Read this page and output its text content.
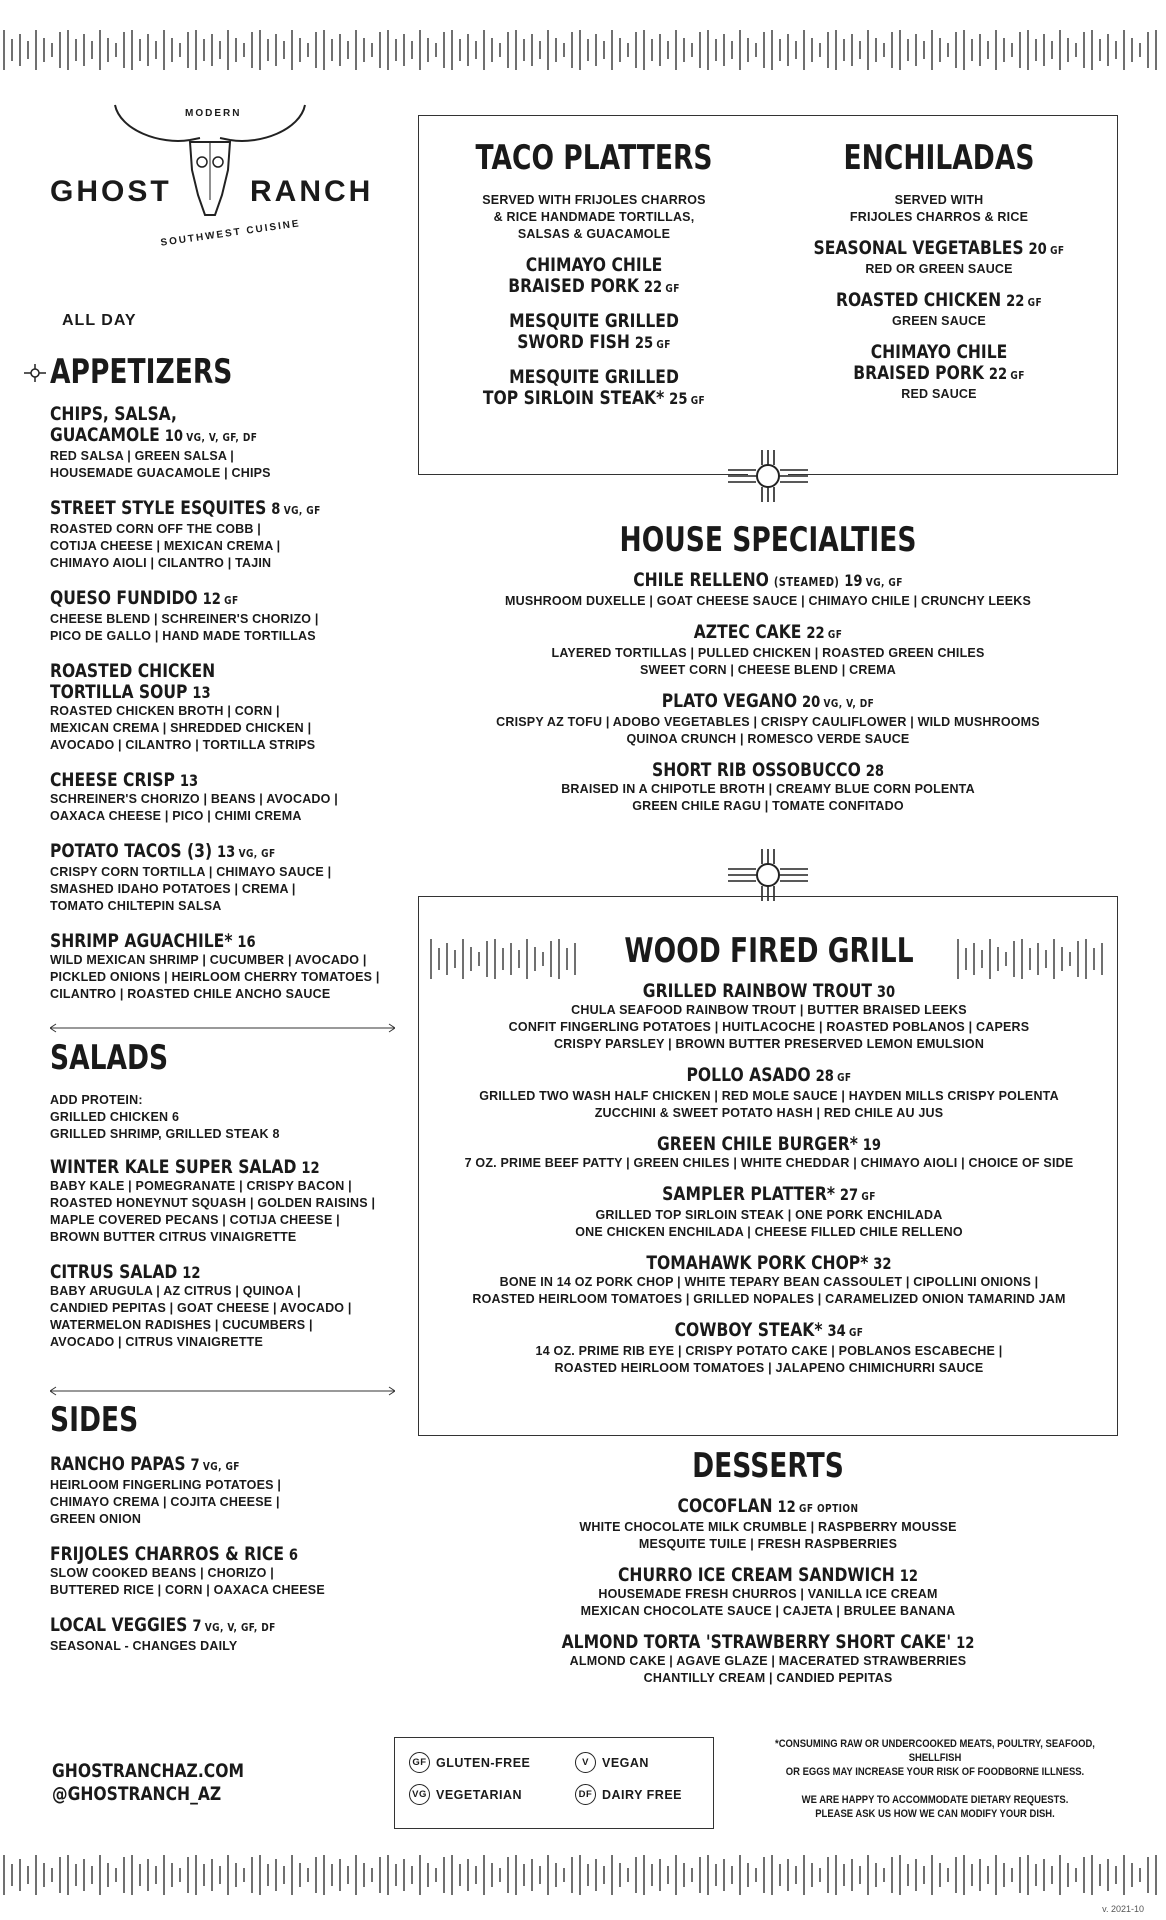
MODERN
GHOST	RANCH
SOUTHWEST CUISINE
ALL DAY
APPETIZERS
CHIPS, SALSA,
GUACAMOLE 10 VG, V, GF, DF
RED SALSA | GREEN SALSA |
HOUSEMADE GUACAMOLE | CHIPS
STREET STYLE ESQUITES 8 VG, GF
ROASTED CORN OFF THE COBB |
COTIJA CHEESE | MEXICAN CREMA |
CHIMAYO AIOLI | CILANTRO | TAJIN
QUESO FUNDIDO 12 GF
CHEESE BLEND | SCHREINER'S CHORIZO |
PICO DE GALLO | HAND MADE TORTILLAS
ROASTED CHICKEN
TORTILLA SOUP 13
ROASTED CHICKEN BROTH | CORN |
MEXICAN CREMA | SHREDDED CHICKEN |
AVOCADO | CILANTRO | TORTILLA STRIPS
CHEESE CRISP 13
SCHREINER'S CHORIZO | BEANS | AVOCADO |
OAXACA CHEESE | PICO | CHIMI CREMA
POTATO TACOS (3) 13 VG, GF
CRISPY CORN TORTILLA | CHIMAYO SAUCE |
SMASHED IDAHO POTATOES | CREMA |
TOMATO CHILTEPIN SALSA
SHRIMP AGUACHILE* 16
WILD MEXICAN SHRIMP | CUCUMBER | AVOCADO |
PICKLED ONIONS | HEIRLOOM CHERRY TOMATOES |
CILANTRO | ROASTED CHILE ANCHO SAUCE
SALADS
ADD PROTEIN:
GRILLED CHICKEN 6
GRILLED SHRIMP, GRILLED STEAK 8
WINTER KALE SUPER SALAD 12
BABY KALE | POMEGRANATE | CRISPY BACON |
ROASTED HONEYNUT SQUASH | GOLDEN RAISINS |
MAPLE COVERED PECANS | COTIJA CHEESE |
BROWN BUTTER CITRUS VINAIGRETTE
CITRUS SALAD 12
BABY ARUGULA | AZ CITRUS | QUINOA |
CANDIED PEPITAS | GOAT CHEESE | AVOCADO |
WATERMELON RADISHES | CUCUMBERS |
AVOCADO | CITRUS VINAIGRETTE
SIDES
RANCHO PAPAS 7 VG, GF
HEIRLOOM FINGERLING POTATOES |
CHIMAYO CREMA | COJITA CHEESE |
GREEN ONION
FRIJOLES CHARROS & RICE 6
SLOW COOKED BEANS | CHORIZO |
BUTTERED RICE | CORN | OAXACA CHEESE
LOCAL VEGGIES 7 VG, V, GF, DF
SEASONAL - CHANGES DAILY
TACO PLATTERS
SERVED WITH FRIJOLES CHARROS
& RICE HANDMADE TORTILLAS,
SALSAS & GUACAMOLE
CHIMAYO CHILE
BRAISED PORK 22 GF
MESQUITE GRILLED
SWORD FISH 25 GF
MESQUITE GRILLED
TOP SIRLOIN STEAK* 25 GF
ENCHILADAS
SERVED WITH
FRIJOLES CHARROS & RICE
SEASONAL VEGETABLES 20 GF
RED OR GREEN SAUCE
ROASTED CHICKEN 22 GF
GREEN SAUCE
CHIMAYO CHILE
BRAISED PORK 22 GF
RED SAUCE
HOUSE SPECIALTIES
CHILE RELLENO (STEAMED) 19 VG, GF
MUSHROOM DUXELLE | GOAT CHEESE SAUCE | CHIMAYO CHILE | CRUNCHY LEEKS
AZTEC CAKE 22 GF
LAYERED TORTILLAS | PULLED CHICKEN | ROASTED GREEN CHILES
SWEET CORN | CHEESE BLEND | CREMA
PLATO VEGANO 20 VG, V, DF
CRISPY AZ TOFU | ADOBO VEGETABLES | CRISPY CAULIFLOWER | WILD MUSHROOMS
QUINOA CRUNCH | ROMESCO VERDE SAUCE
SHORT RIB OSSOBUCCO 28
BRAISED IN A CHIPOTLE BROTH | CREAMY BLUE CORN POLENTA
GREEN CHILE RAGU | TOMATE CONFITADO
WOOD FIRED GRILL
GRILLED RAINBOW TROUT 30
CHULA SEAFOOD RAINBOW TROUT | BUTTER BRAISED LEEKS
CONFIT FINGERLING POTATOES | HUITLACOCHE | ROASTED POBLANOS | CAPERS
CRISPY PARSLEY | BROWN BUTTER PRESERVED LEMON EMULSION
POLLO ASADO 28 GF
GRILLED TWO WASH HALF CHICKEN | RED MOLE SAUCE | HAYDEN MILLS CRISPY POLENTA
ZUCCHINI & SWEET POTATO HASH | RED CHILE AU JUS
GREEN CHILE BURGER* 19
7 OZ. PRIME BEEF PATTY | GREEN CHILES | WHITE CHEDDAR | CHIMAYO AIOLI | CHOICE OF SIDE
SAMPLER PLATTER* 27 GF
GRILLED TOP SIRLOIN STEAK | ONE PORK ENCHILADA
ONE CHICKEN ENCHILADA | CHEESE FILLED CHILE RELLENO
TOMAHAWK PORK CHOP* 32
BONE IN 14 OZ PORK CHOP | WHITE TEPARY BEAN CASSOULET | CIPOLLINI ONIONS |
ROASTED HEIRLOOM TOMATOES | GRILLED NOPALES | CARAMELIZED ONION TAMARIND JAM
COWBOY STEAK* 34 GF
14 OZ. PRIME RIB EYE | CRISPY POTATO CAKE | POBLANOS ESCABECHE |
ROASTED HEIRLOOM TOMATOES | JALAPENO CHIMICHURRI SAUCE
DESSERTS
COCOFLAN 12 GF OPTION
WHITE CHOCOLATE MILK CRUMBLE | RASPBERRY MOUSSE
MESQUITE TUILE | FRESH RASPBERRIES
CHURRO ICE CREAM SANDWICH 12
HOUSEMADE FRESH CHURROS | VANILLA ICE CREAM
MEXICAN CHOCOLATE SAUCE | CAJETA | BRULEE BANANA
ALMOND TORTA 'STRAWBERRY SHORT CAKE' 12
ALMOND CAKE | AGAVE GLAZE | MACERATED STRAWBERRIES
CHANTILLY CREAM | CANDIED PEPITAS
GHOSTRANCHAZ.COM
@GHOSTRANCH_AZ
GF GLUTEN-FREE	V	VEGAN
VG VEGETARIAN	DF DAIRY FREE
*CONSUMING RAW OR UNDERCOOKED MEATS, POULTRY, SEAFOOD, SHELLFISH
OR EGGS MAY INCREASE YOUR RISK OF FOODBORNE ILLNESS.
WE ARE HAPPY TO ACCOMMODATE DIETARY REQUESTS.
PLEASE ASK US HOW WE CAN MODIFY YOUR DISH.
v. 2021-10
